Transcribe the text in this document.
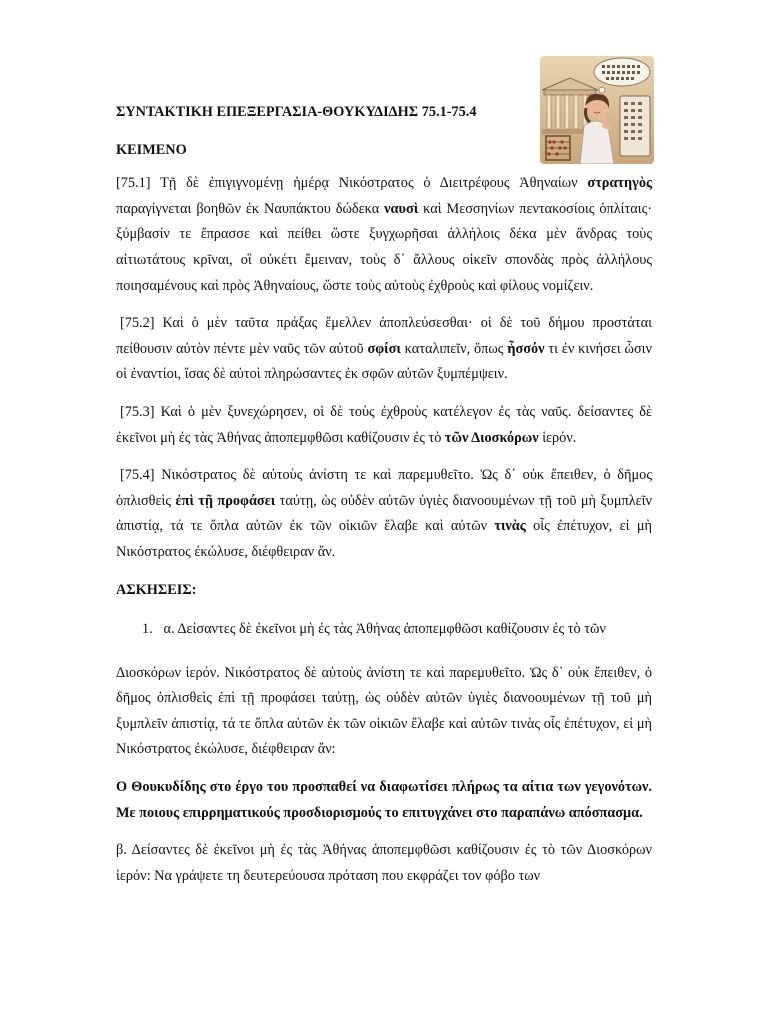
ΣΥΝΤΑΚΤΙΚΗ ΕΠΕΞΕΡΓΑΣΙΑ-ΘΟΥΚΥΔΙΔΗΣ 75.1-75.4

ΚΕΙΜΕΝΟ

[75.1] Τῇ δὲ ἐπιγιγνομένῃ ἡμέρᾳ Νικόστρατος ὁ Διειτρέφους Ἀθηναίων στρατηγὸς παραγίγνεται βοηθῶν ἐκ Ναυπάκτου δώδεκα ναυσὶ καὶ Μεσσηνίων πεντακοσίοις ὁπλίταις· ξύμβασίν τε ἔπρασσε καὶ πείθει ὥστε ξυγχωρῆσαι ἀλλήλοις δέκα μὲν ἄνδρας τοὺς αἰτιωτάτους κρῖναι, οἳ οὐκέτι ἔμειναν, τοὺς δ᾽ ἄλλους οἰκεῖν σπονδὰς πρὸς ἀλλήλους ποιησαμένους καὶ πρὸς Ἀθηναίους, ὥστε τοὺς αὐτοὺς ἐχθροὺς καὶ φίλους νομίζειν.

[75.2] Καὶ ὁ μὲν ταῦτα πράξας ἔμελλεν ἀποπλεύσεσθαι· οἱ δὲ τοῦ δήμου προστάται πείθουσιν αὐτὸν πέντε μὲν ναῦς τῶν αὑτοῦ σφίσι καταλιπεῖν, ὅπως ἧσσόν τι ἐν κινήσει ὦσιν οἱ ἐναντίοι, ἴσας δὲ αὐτοὶ πληρώσαντες ἐκ σφῶν αὐτῶν ξυμπέμψειν.

[75.3] Καὶ ὁ μὲν ξυνεχώρησεν, οἱ δὲ τοὺς ἐχθροὺς κατέλεγον ἐς τὰς ναῦς. δείσαντες δὲ ἐκεῖνοι μὴ ἐς τὰς Ἀθήνας ἀποπεμφθῶσι καθίζουσιν ἐς τὸ τῶν Διοσκόρων ἱερόν.

[75.4] Νικόστρατος δὲ αὐτοὺς ἀνίστη τε καὶ παρεμυθεῖτο. Ὡς δ᾽ οὐκ ἔπειθεν, ὁ δῆμος ὁπλισθεὶς ἐπὶ τῇ προφάσει ταύτῃ, ὡς οὐδὲν αὐτῶν ὑγιὲς διανοουμένων τῇ τοῦ μὴ ξυμπλεῖν ἀπιστίᾳ, τά τε ὅπλα αὐτῶν ἐκ τῶν οἰκιῶν ἔλαβε καὶ αὐτῶν τινὰς οἷς ἐπέτυχον, εἰ μὴ Νικόστρατος ἐκώλυσε, διέφθειραν ἄν.

ΑΣΚΗΣΕΙΣ:

1. α. Δείσαντες δὲ ἐκεῖνοι μὴ ἐς τὰς Ἀθήνας ἀποπεμφθῶσι καθίζουσιν ἐς τὸ τῶν

Διοσκόρων ἱερόν. Νικόστρατος δὲ αὐτοὺς ἀνίστη τε καὶ παρεμυθεῖτο. Ὡς δ᾽ οὐκ ἔπειθεν, ὁ δῆμος ὁπλισθεὶς ἐπὶ τῇ προφάσει ταύτῃ, ὡς οὐδὲν αὐτῶν ὑγιὲς διανοουμένων τῇ τοῦ μὴ ξυμπλεῖν ἀπιστίᾳ, τά τε ὅπλα αὐτῶν ἐκ τῶν οἰκιῶν ἔλαβε καὶ αὐτῶν τινὰς οἷς ἐπέτυχον, εἰ μὴ Νικόστρατος ἐκώλυσε, διέφθειραν ἄν:

Ο Θουκυδίδης στο έργο του προσπαθεί να διαφωτίσει πλήρως τα αίτια των γεγονότων. Με ποιους επιρρηματικούς προσδιορισμούς το επιτυγχάνει στο παραπάνω απόσπασμα.

β. Δείσαντες δὲ ἐκεῖνοι μὴ ἐς τὰς Ἀθήνας ἀποπεμφθῶσι καθίζουσιν ἐς τὸ τῶν Διοσκόρων ἱερόν: Να γράψετε τη δευτερεύουσα πρόταση που εκφράζει τον φόβο των
